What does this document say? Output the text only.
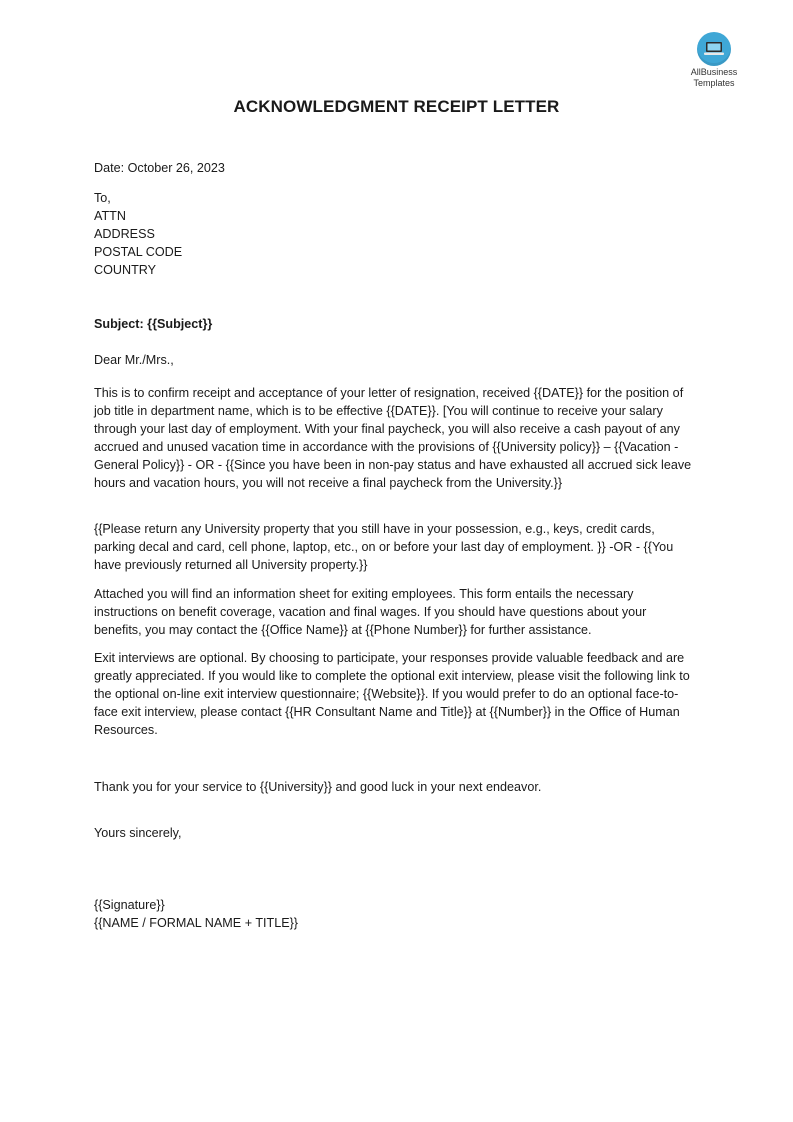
AllBusiness
Templates
ACKNOWLEDGMENT RECEIPT LETTER

Date: October 26, 2023

To,

ATTN

ADDRESS

POSTAL CODE

COUNTRY

Subject: {{Subject}}

Dear Mr./Mrs.,

This is to confirm receipt and acceptance of your letter of resignation, received {{DATE}} for the position of job title in department name, which is to be effective {{DATE}}. [You will continue to receive your salary through your last day of employment. With your final paycheck, you will also receive a cash payout of any accrued and unused vacation time in accordance with the provisions of {{University policy}} – {{Vacation - General Policy}} - OR - {{Since you have been in non-pay status and have exhausted all accrued sick leave hours and vacation hours, you will not receive a final paycheck from the University.}}

{{Please return any University property that you still have in your possession, e.g., keys, credit cards, parking decal and card, cell phone, laptop, etc., on or before your last day of employment. }} -OR - {{You have previously returned all University property.}}

Attached you will find an information sheet for exiting employees. This form entails the necessary instructions on benefit coverage, vacation and final wages. If you should have questions about your benefits, you may contact the {{Office Name}} at {{Phone Number}} for further assistance.

Exit interviews are optional. By choosing to participate, your responses provide valuable feedback and are greatly appreciated. If you would like to complete the optional exit interview, please visit the following link to the optional on-line exit interview questionnaire; {{Website}}. If you would prefer to do an optional face-to-face exit interview, please contact {{HR Consultant Name and Title}} at {{Number}} in the Office of Human Resources.

Thank you for your service to {{University}} and good luck in your next endeavor.

Yours sincerely,

{{Signature}}

{{NAME / FORMAL NAME + TITLE}}
